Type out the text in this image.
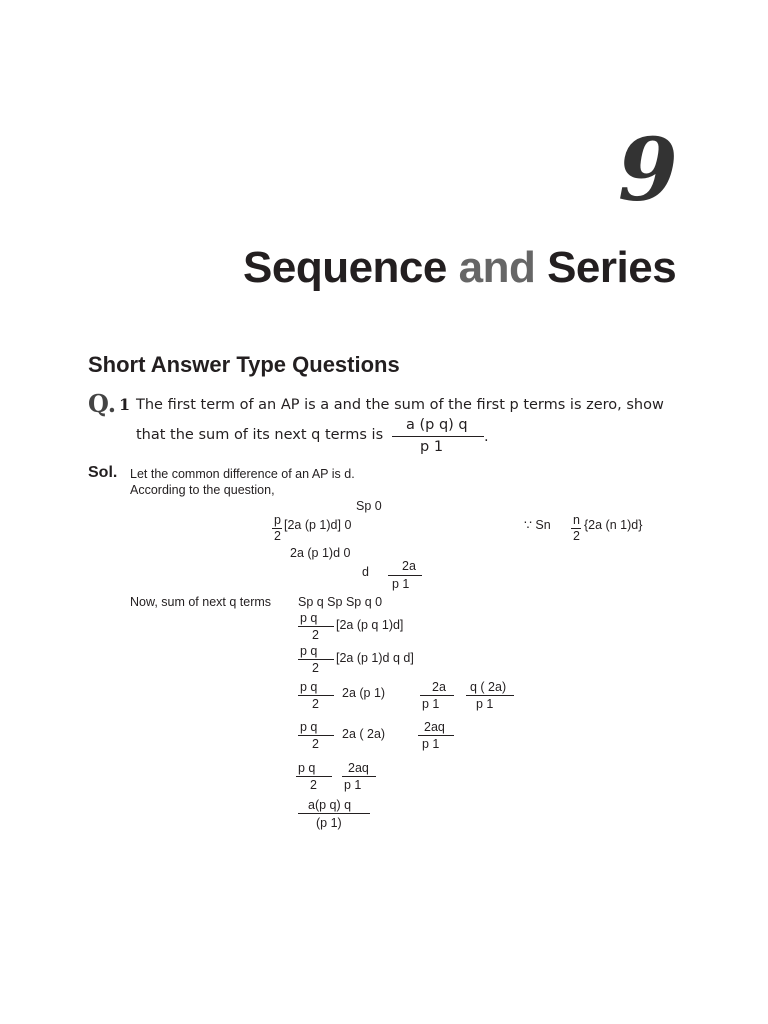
9
Sequence and Series
Short Answer Type Questions
Q. 1 The first term of an AP is a and the sum of the first p terms is zero, show
that the sum of its next q terms is
a (p q) q
p 1
.
Sol. Let the common difference of an AP is d.
According to the question,
Sp 0
p
2
[2a (p 1)d] 0	∵ Sn n
2
{2a (n 1)d}
2a (p 1)d 0
d	2a
p 1
Now, sum of next q terms Sp q Sp Sp q 0
p q
2
[2a (p q 1)d]
p q
2
[2a (p 1)d q d]
p q
2
2a (p 1)	2a
p 1
q ( 2a)
p 1
p q
2
2a ( 2a)	2aq
p 1
p q
2
2aq
p 1
a(p q) q
(p 1)
